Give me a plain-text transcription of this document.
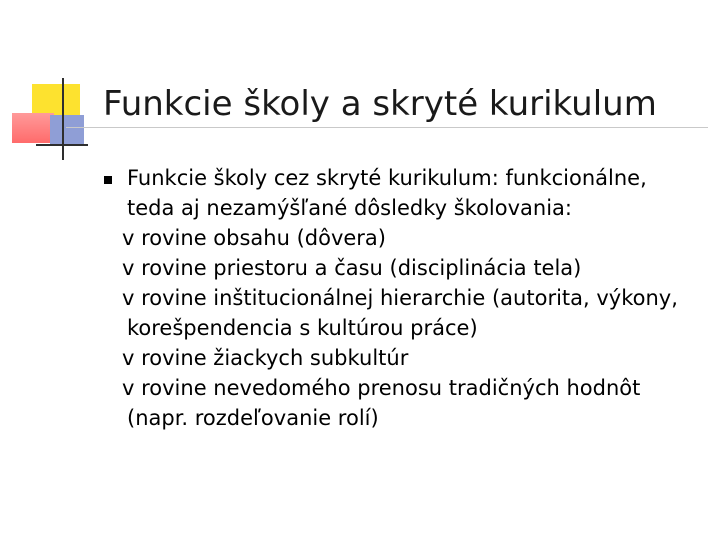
Funkcie školy a skryté kurikulum
Funkcie školy cez skryté kurikulum: funkcionálne,
teda aj nezamýšľané dôsledky školovania:
v rovine obsahu (dôvera)
v rovine priestoru a času (disciplinácia tela)
v rovine inštitucionálnej hierarchie (autorita, výkony,
korešpendencia s kultúrou práce)
v rovine žiackych subkultúr
v rovine nevedomého prenosu tradičných hodnôt
(napr. rozdeľovanie rolí)
